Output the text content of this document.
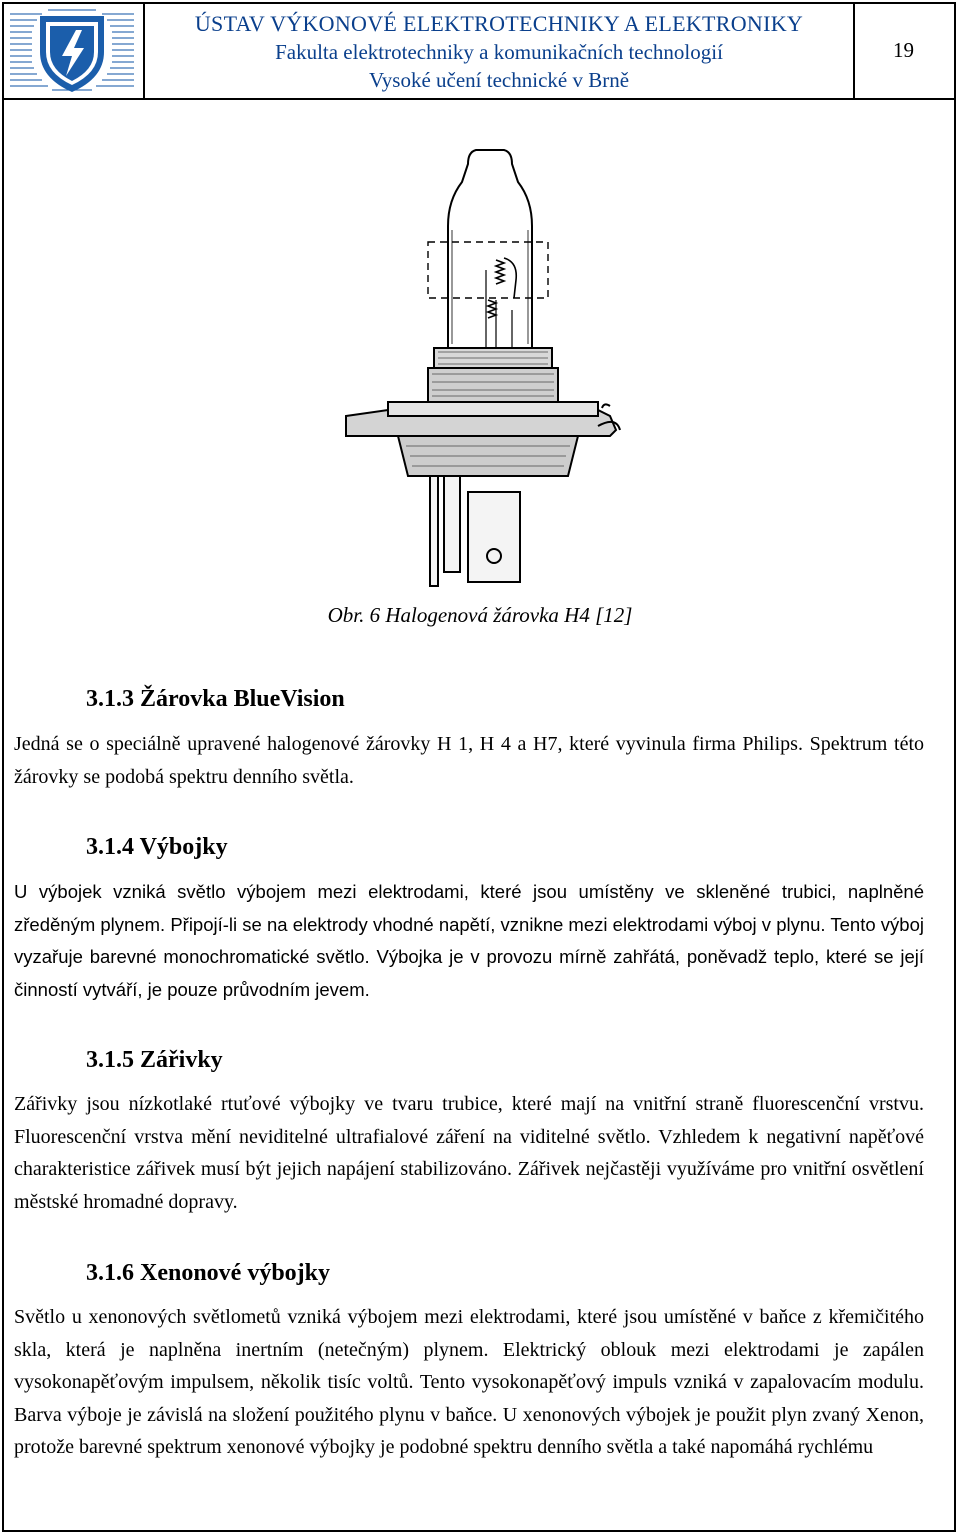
ÚSTAV VÝKONOVÉ ELEKTROTECHNIKY A ELEKTRONIKY
Fakulta elektrotechniky a komunikačních technologií
Vysoké učení technické v Brně
19
Obr. 6 Halogenová žárovka H4 [12]
3.1.3 Žárovka BlueVision
Jedná se o speciálně upravené halogenové žárovky H 1, H 4 a H7, které vyvinula firma Philips. Spektrum této žárovky se podobá spektru denního světla.
3.1.4 Výbojky
U výbojek vzniká světlo výbojem mezi elektrodami, které jsou umístěny ve skleněné trubici, naplněné zředěným plynem. Připojí-li se na elektrody vhodné napětí, vznikne mezi elektrodami výboj v plynu. Tento výboj vyzařuje barevné monochromatické světlo. Výbojka je v provozu mírně zahřátá, poněvadž teplo, které se její činností vytváří, je pouze průvodním jevem.
3.1.5 Zářivky
Zářivky jsou nízkotlaké rtuťové výbojky ve tvaru trubice, které mají na vnitřní straně fluorescenční vrstvu. Fluorescenční vrstva mění neviditelné ultrafialové záření na viditelné světlo. Vzhledem k negativní napěťové charakteristice zářivek musí být jejich napájení stabilizováno. Zářivek nejčastěji využíváme pro vnitřní osvětlení městské hromadné dopravy.
3.1.6 Xenonové výbojky
Světlo u xenonových světlometů vzniká výbojem mezi elektrodami, které jsou umístěné v baňce z křemičitého skla, která je naplněna inertním (netečným) plynem. Elektrický oblouk mezi elektrodami je zapálen vysokonapěťovým impulsem, několik tisíc voltů. Tento vysokonapěťový impuls vzniká v zapalovacím modulu. Barva výboje je závislá na složení použitého plynu v baňce. U xenonových výbojek je použit plyn zvaný Xenon, protože barevné spektrum xenonové výbojky je podobné spektru denního světla a také napomáhá rychlému
